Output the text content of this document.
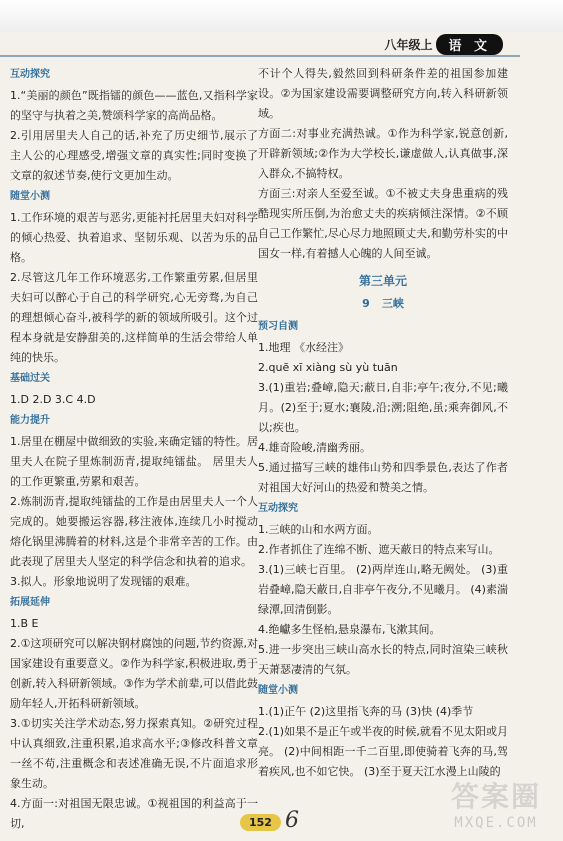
八年级上	语 文
互动探究

1.“美丽的颜色”既指镭的颜色——蓝色,又指科学家的坚守与执着之美,赞颂科学家的高尚品格。

2.引用居里夫人自己的话,补充了历史细节,展示了主人公的心理感受,增强文章的真实性;同时变换了文章的叙述节奏,使行文更加生动。

随堂小测

1.工作环境的艰苦与恶劣,更能衬托居里夫妇对科学的倾心热爱、执着追求、坚韧乐观、以苦为乐的品格。

2.尽管这几年工作环境恶劣,工作繁重劳累,但居里夫妇可以醉心于自己的科学研究,心无旁骛,为自己的理想倾心奋斗,被科学的新的领域所吸引。这个过程本身就是安静甜美的,这样简单的生活会带给人单纯的快乐。

基础过关

1.D 2.D 3.C 4.D

能力提升

1.居里在棚屋中做细致的实验,来确定镭的特性。居里夫人在院子里炼制沥青,提取纯镭盐。 居里夫人的工作更繁重,劳累和艰苦。

2.炼制沥青,提取纯镭盐的工作是由居里夫人一个人完成的。她要搬运容器,移注液体,连续几小时搅动熔化锅里沸腾着的材料,这是个非常辛苦的工作。由此表现了居里夫人坚定的科学信念和执着的追求。

3.拟人。形象地说明了发现镭的艰难。

拓展延伸

1.B E

2.①这项研究可以解决钢材腐蚀的问题,节约资源,对国家建设有重要意义。②作为科学家,积极进取,勇于创新,转入科研新领域。③作为学术前辈,可以借此鼓励年轻人,开拓科研新领域。

3.①切实关注学术动态,努力探索真知。②研究过程中认真细致,注重积累,追求高水平;③修改科普文章一丝不苟,注重概念和表述准确无误,不片面追求形象生动。

4.方面一:对祖国无限忠诚。①视祖国的利益高于一切,

不计个人得失,毅然回到科研条件差的祖国参加建设。②为国家建设需要调整研究方向,转入科研新领域。

方面二:对事业充满热诚。①作为科学家,锐意创新,开辟新领域;②作为大学校长,谦虚做人,认真做事,深入群众,不搞特权。

方面三:对亲人至爱至诚。①不被丈夫身患重病的残酷现实所压倒,为治愈丈夫的疾病倾注深情。②不顾自己工作繁忙,尽心尽力地照顾丈夫,和勤劳朴实的中国女一样,有着撼人心魄的人间至诚。

第三单元
9 三峡
预习自测

1.地理 《水经注》

2.quē xī xiàng sù yù tuān

3.(1)重岩;叠嶂,隐天;蔽日,自非;亭午;夜分,不见;曦月。(2)至于;夏水;襄陵,沿;溯;阻绝,虽;乘奔御风,不以;疾也。

4.雄奇险峻,清幽秀丽。

5.通过描写三峡的雄伟山势和四季景色,表达了作者对祖国大好河山的热爱和赞美之情。

互动探究

1.三峡的山和水两方面。

2.作者抓住了连绵不断、遮天蔽日的特点来写山。

3.(1)三峡七百里。 (2)两岸连山,略无阙处。 (3)重岩叠嶂,隐天蔽日,自非亭午夜分,不见曦月。 (4)素湍绿潭,回清倒影。

4.绝巘多生怪柏,悬泉瀑布,飞漱其间。

5.进一步突出三峡山高水长的特点,同时渲染三峡秋天萧瑟凄清的气氛。

随堂小测

1.(1)正午 (2)这里指飞奔的马 (3)快 (4)季节

2.(1)如果不是正午或半夜的时候,就看不见太阳或月亮。 (2)中间相距一千二百里,即使骑着飞奔的马,驾着疾风,也不如它快。 (3)至于夏天江水漫上山陵的

152 6
答案圈
MXQE.COM
